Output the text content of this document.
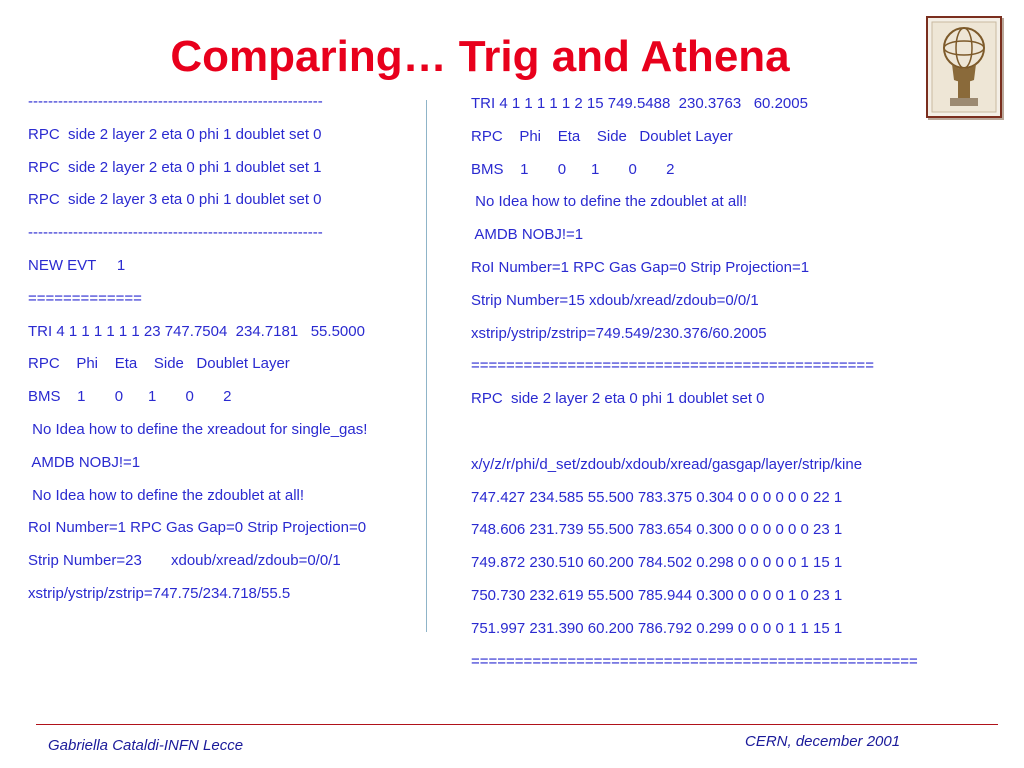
Comparing… Trig and Athena
-----------------------------------------------------------
RPC  side 2 layer 2 eta 0 phi 1 doublet set 0
RPC  side 2 layer 2 eta 0 phi 1 doublet set 1
RPC  side 2 layer 3 eta 0 phi 1 doublet set 0
-----------------------------------------------------------
NEW EVT     1
=============
TRI 4 1 1 1 1 1 1 23 747.7504  234.7181   55.5000
RPC    Phi    Eta    Side   Doublet Layer
BMS    1       0      1       0       2
No Idea how to define the xreadout for single_gas!
AMDB NOBJ!=1
No Idea how to define the zdoublet at all!
RoI Number=1 RPC Gas Gap=0 Strip Projection=0
Strip Number=23       xdoub/xread/zdoub=0/0/1
xstrip/ystrip/zstrip=747.75/234.718/55.5
TRI 4 1 1 1 1 1 2 15 749.5488  230.3763   60.2005
RPC    Phi    Eta    Side   Doublet Layer
BMS    1       0      1       0       2
No Idea how to define the zdoublet at all!
AMDB NOBJ!=1
RoI Number=1 RPC Gas Gap=0 Strip Projection=1
Strip Number=15 xdoub/xread/zdoub=0/0/1
xstrip/ystrip/zstrip=749.549/230.376/60.2005
==============================================
RPC  side 2 layer 2 eta 0 phi 1 doublet set 0
x/y/z/r/phi/d_set/zdoub/xdoub/xread/gasgap/layer/strip/kine
747.427 234.585 55.500 783.375 0.304 0 0 0 0 0 0 22 1
748.606 231.739 55.500 783.654 0.300 0 0 0 0 0 0 23 1
749.872 230.510 60.200 784.502 0.298 0 0 0 0 0 1 15 1
750.730 232.619 55.500 785.944 0.300 0 0 0 0 1 0 23 1
751.997 231.390 60.200 786.792 0.299 0 0 0 0 1 1 15 1
===================================================
Gabriella Cataldi-INFN Lecce	CERN, december 2001
